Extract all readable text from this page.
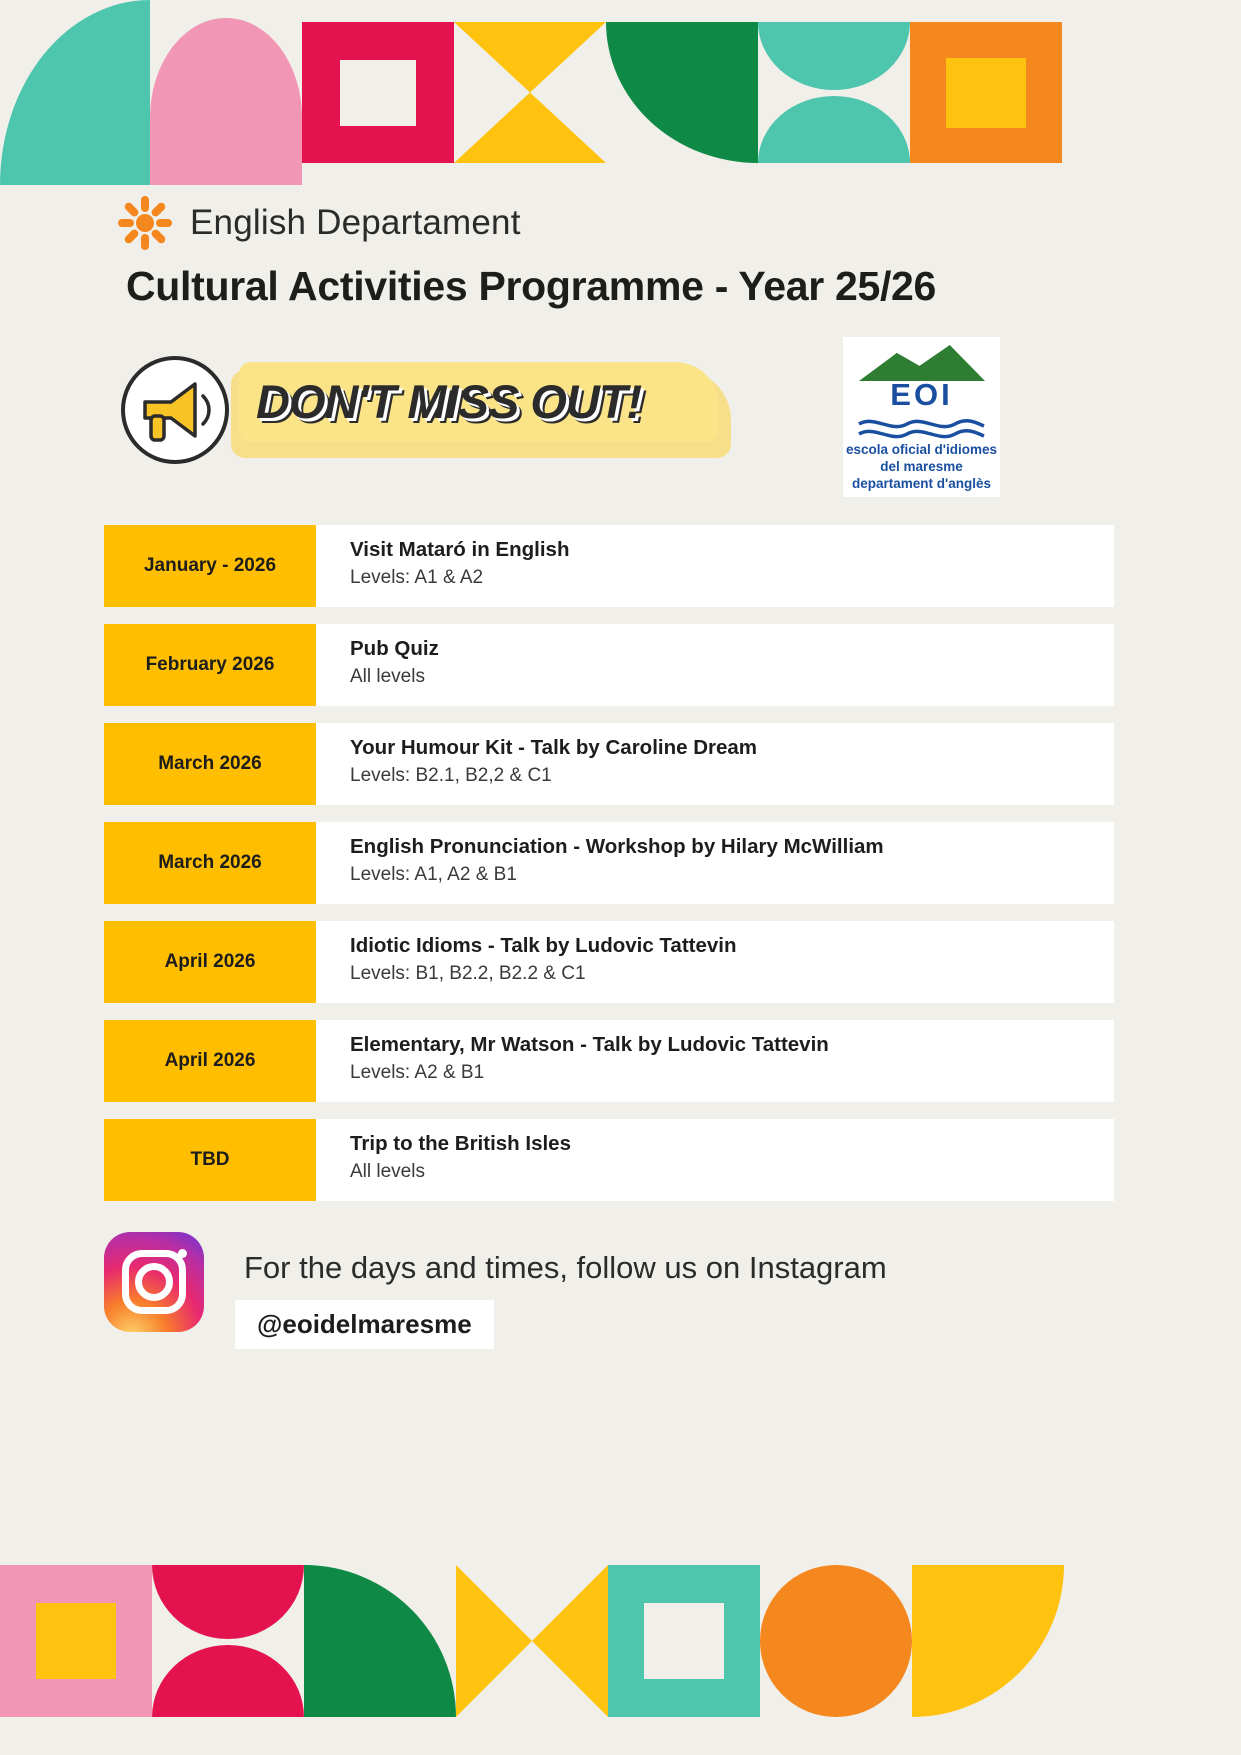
English Departament
Cultural Activities Programme - Year 25/26
DON'T MISS OUT!	EOI
escola oficial d'idiomes
del maresme
departament d'anglès
January - 2026
Visit Mataró in English
Levels: A1 & A2
February 2026
Pub Quiz
All levels
March 2026
Your Humour Kit - Talk by Caroline Dream
Levels: B2.1, B2,2 & C1
March 2026
English Pronunciation - Workshop by Hilary McWilliam
Levels: A1, A2 & B1
April 2026
Idiotic Idioms - Talk by Ludovic Tattevin
Levels: B1, B2.2, B2.2 & C1
April 2026
Elementary, Mr Watson - Talk by Ludovic Tattevin
Levels: A2 & B1
TBD
Trip to the British Isles
All levels
For the days and times, follow us on Instagram
@eoidelmaresme
